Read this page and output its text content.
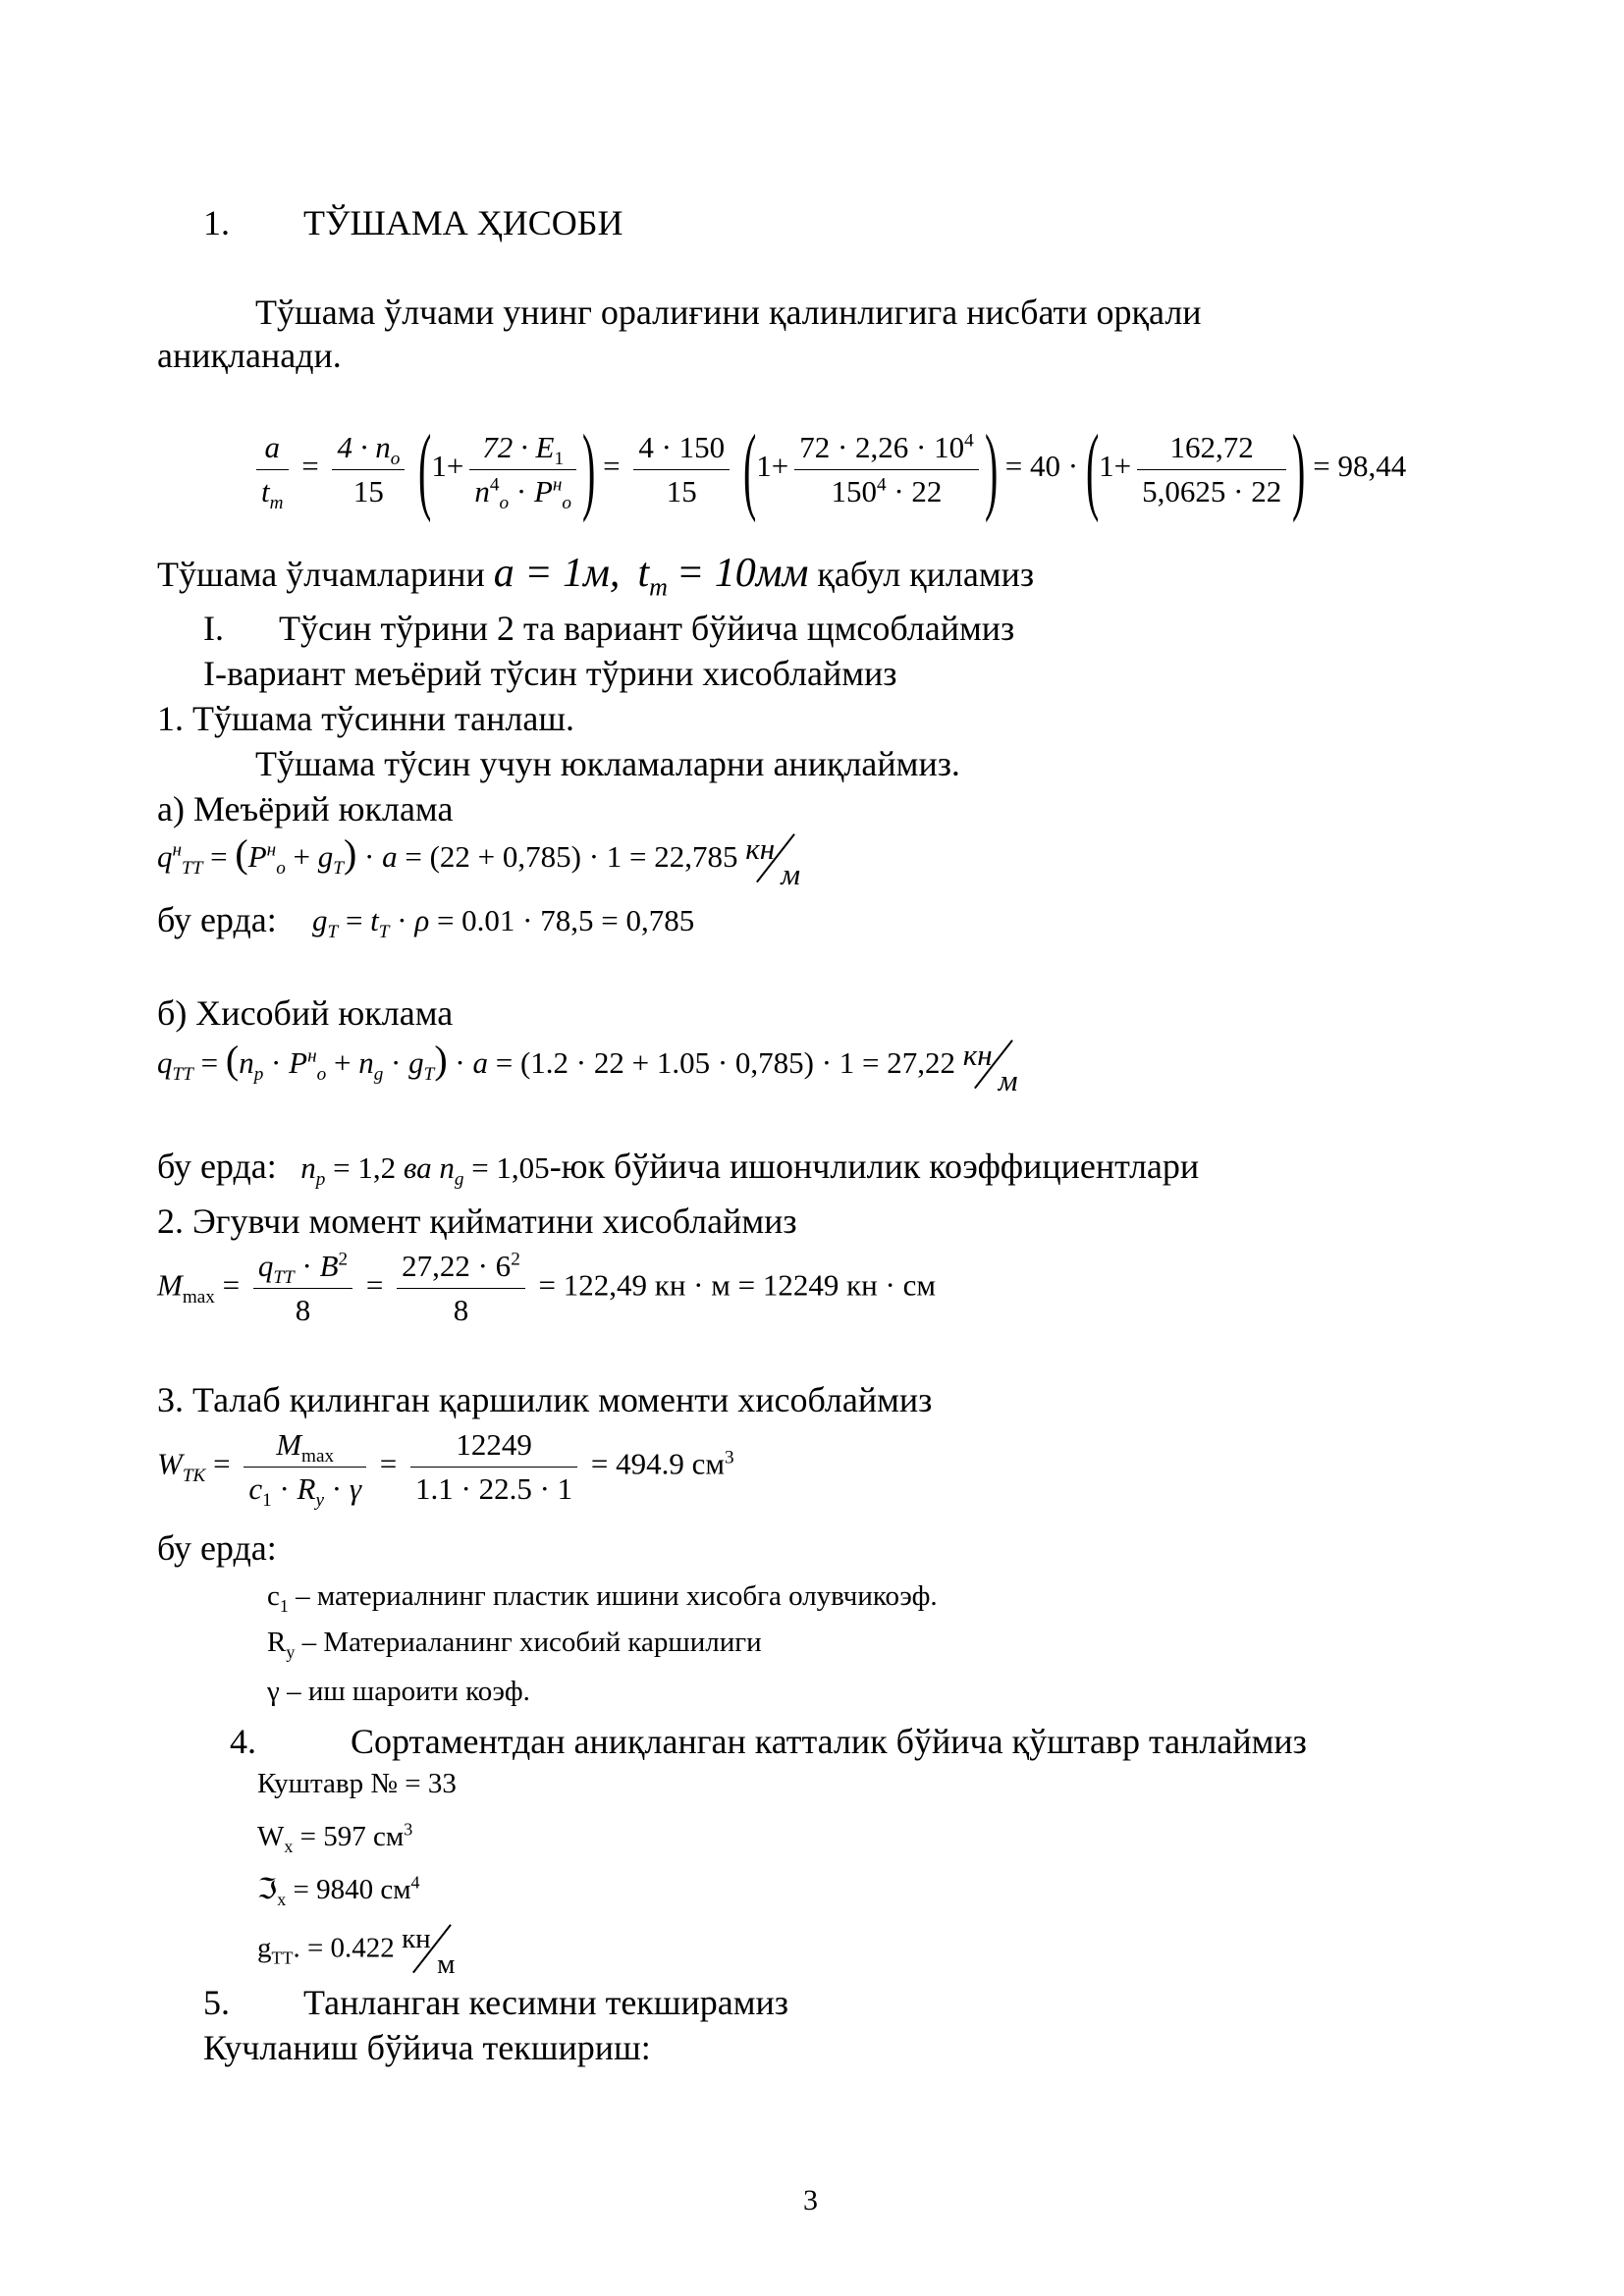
1. ТЎШАМА ҲИСОБИ
Тўшама ўлчами унинг оралиғини қалинлигига нисбати орқали
аниқланади.
$\frac{a}{t_m} = \frac{4 \cdot n_o}{15} (1+ \frac{72 \cdot E_1}{n^4_o \cdot P^н_o}$ ) = $\frac{4 \cdot 150}{15} (1+ \frac{72 \cdot 2,26 \cdot 10^4}{150^4 \cdot 22}$ ) = $40 \cdot (1+ \frac{162,72}{5,0625 \cdot 22}$ ) = 98,44
Тўшама ўлчамларини a = 1м, $t_m = 10мм$ қабул қиламиз
I. Тўсин тўрини 2 та вариант бўйича щмсоблаймиз
I-вариант меъёрий тўсин тўрини хисоблаймиз
1. Тўшама тўсинни танлаш.
Тўшама тўсин учун юкламаларни аниқлаймиз.
а) Меъёрий юклама
$q^н_{TT} = (P^н_o + g_T) \cdot a = (22 + 0,785) \cdot 1 = 22,785$ кн
м
бу ерда: $g_T = t_T \cdot \rho = 0.01 \cdot 78,5 = 0,785$
б) Хисобий юклама
$q_{TT} = (n_p \cdot P^н_o + n_g \cdot g_T) \cdot a = (1.2 \cdot 22 + 1.05 \cdot 0,785) \cdot 1 = 27,22$ кн
м
бу ерда: $n_p = 1,2$ ва $n_g = 1,05-юк$ бўйича ишончлилик коэффициентлари
2. Эгувчи момент қийматини хисоблаймиз
$M_{max} = \frac{q_{TT} \cdot B^2}{8} = \frac{27,22 \cdot 6^2}{8} = 122,49$ кн · м = 12249 кн · см
3. Талаб қилинган қаршилик моменти хисоблаймиз
$W_{TK} = \frac{M_{max}}{c_1 \cdot R_y \cdot \gamma} = \frac{12249}{1.1 \cdot 22.5 \cdot 1} = 494.9$ $см^3$
бу ерда:
$c_1$ – материалнинг пластик ишини хисобга олувчикоэф.
$R_y$ – Материаланинг хисобий каршилиги
γ – иш шароити коэф.
4.	Сортаментдан аниқланган катталик бўйича қўштавр танлаймиз
Куштавр № = 33
$W_x = 597$ $см^3$
ℑ$_x$ = 9840 $см^4$
$g_{TT}$. = 0.422 кн
м
5. Танланган кесимни текширамиз
Кучланиш бўйича текшириш:
3
